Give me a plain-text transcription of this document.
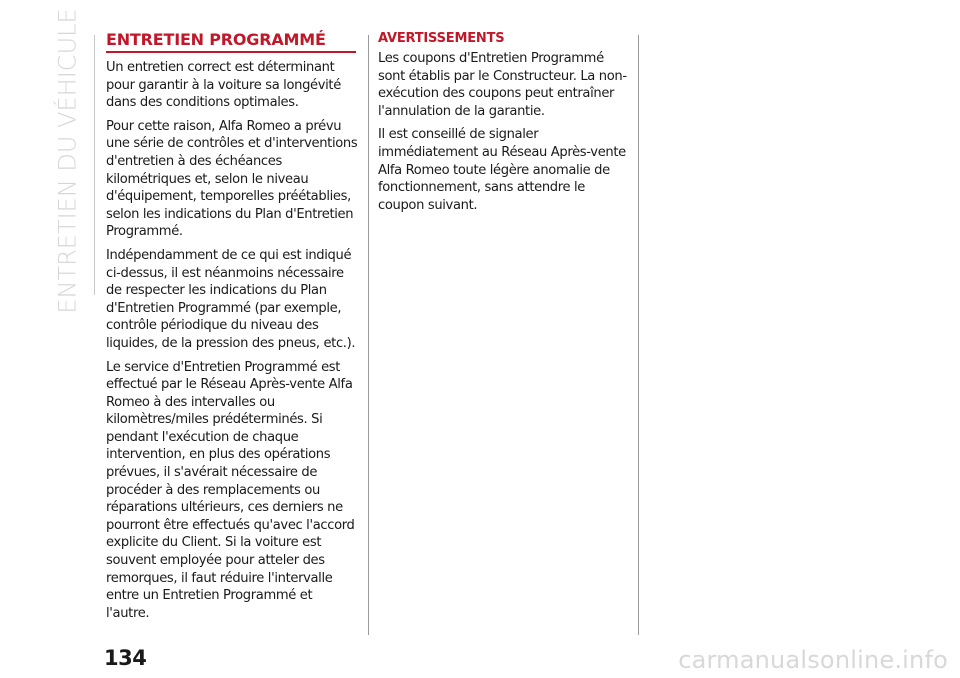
ENTRETIEN DU VÉHICULE ENTRETIEN PROGRAMMÉ

Un entretien correct est déterminant pour garantir à la voiture sa longévité dans des conditions optimales.

Pour cette raison, Alfa Romeo a prévu une série de contrôles et d'interventions d'entretien à des échéances kilométriques et, selon le niveau d'équipement, temporelles préétablies, selon les indications du Plan d'Entretien Programmé.

Indépendamment de ce qui est indiqué ci-dessus, il est néanmoins nécessaire de respecter les indications du Plan d'Entretien Programmé (par exemple, contrôle périodique du niveau des liquides, de la pression des pneus, etc.).

Le service d'Entretien Programmé est effectué par le Réseau Après-vente Alfa Romeo à des intervalles ou kilomètres/miles prédéterminés. Si pendant l'exécution de chaque intervention, en plus des opérations prévues, il s'avérait nécessaire de procéder à des remplacements ou réparations ultérieurs, ces derniers ne pourront être effectués qu'avec l'accord explicite du Client. Si la voiture est souvent employée pour atteler des remorques, il faut réduire l'intervalle entre un Entretien Programmé et l'autre.

AVERTISSEMENTS

Les coupons d'Entretien Programmé sont établis par le Constructeur. La non-exécution des coupons peut entraîner l'annulation de la garantie.

Il est conseillé de signaler immédiatement au Réseau Après-vente Alfa Romeo toute légère anomalie de fonctionnement, sans attendre le coupon suivant.

134	carmanualsonline.info
